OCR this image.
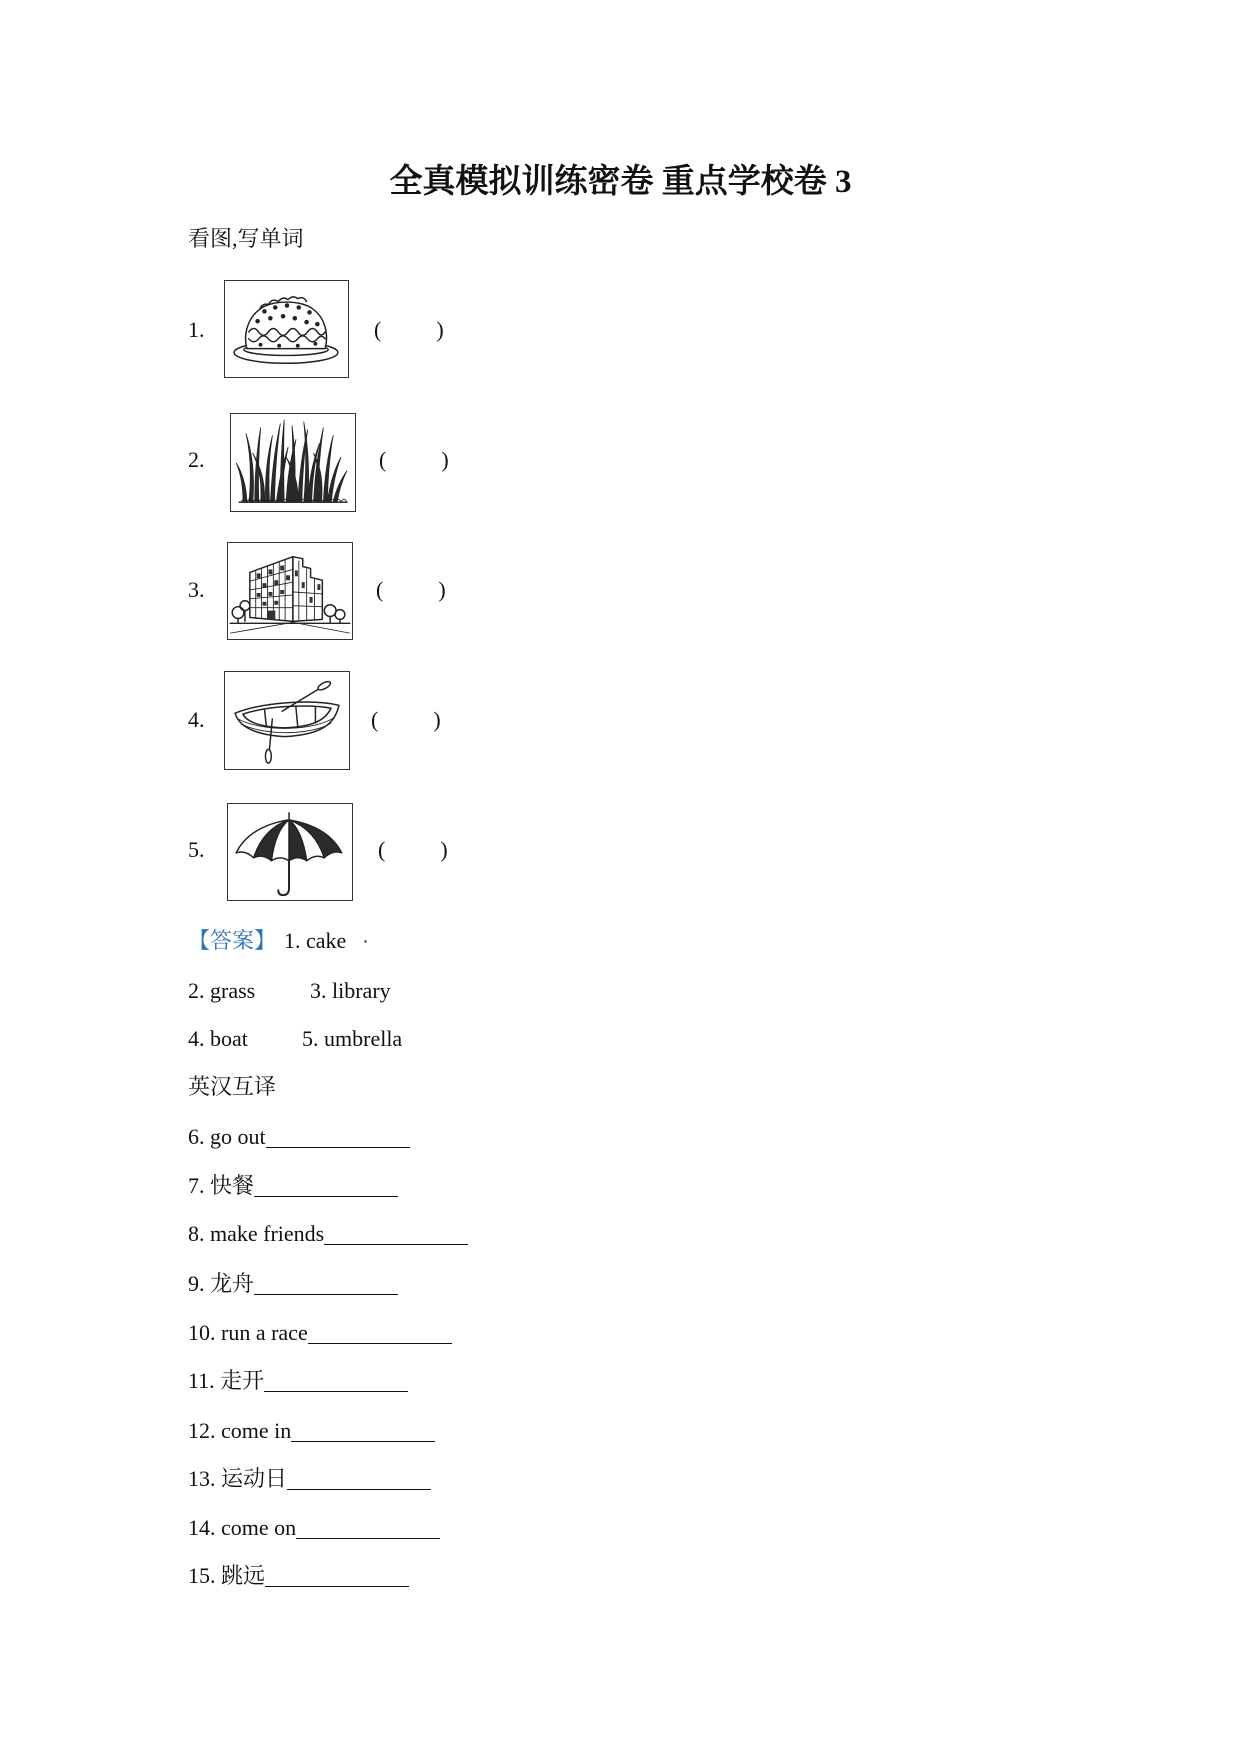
全真模拟训练密卷 重点学校卷 3
看图,写单词
1.	(          )
2.	(          )
3.	(          )
4.	(          )
5.	(          )
【答案】 1. cake
2. grass 3. library
4. boat 5. umbrella
英汉互译
6. go out
7. 快餐
8. make friends
9. 龙舟
10. run a race
11. 走开
12. come in
13. 运动日
14. come on
15. 跳远
